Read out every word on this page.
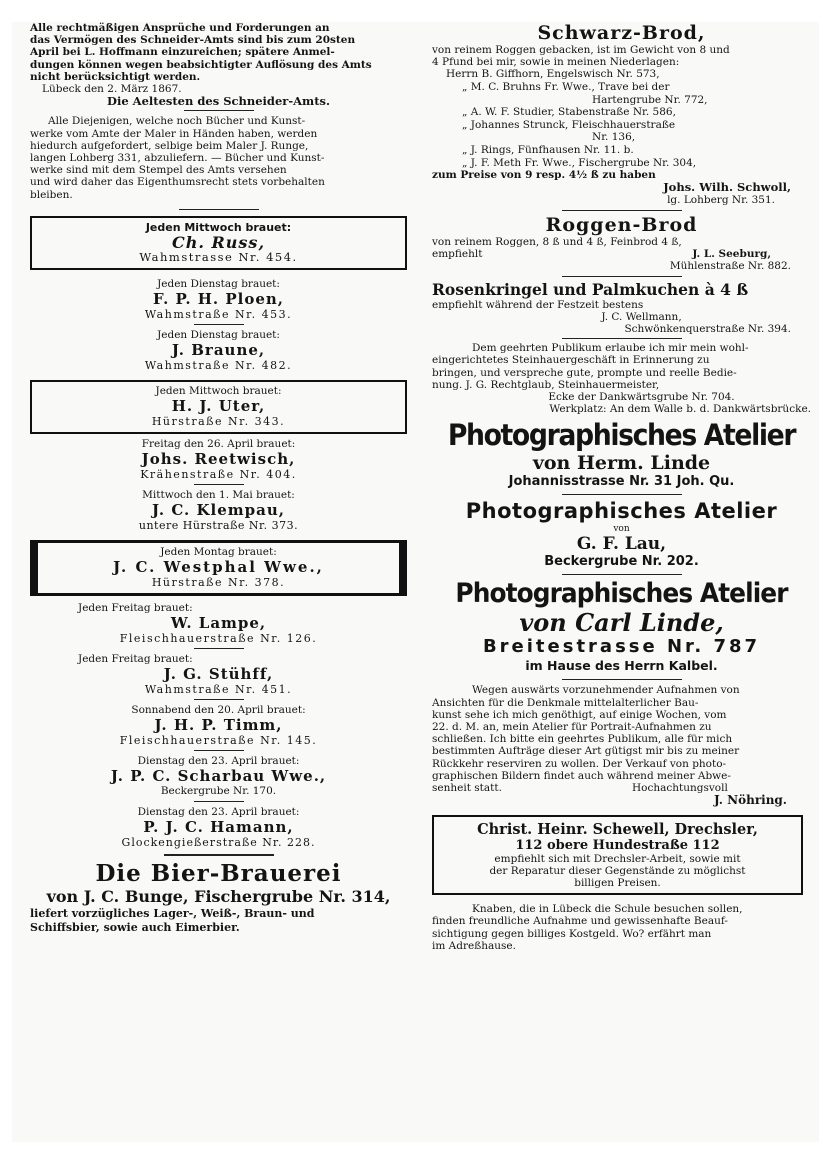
Alle rechtmäßigen Ansprüche und Forderungen an
das Vermögen des Schneider-Amts sind bis zum 20sten
April bei L. Hoffmann einzureichen; spätere Anmel-
dungen können wegen beabsichtigter Auflösung des Amts
nicht berücksichtigt werden.
Lübeck den 2. März 1867.
Die Aeltesten des Schneider-Amts.
Alle Diejenigen, welche noch Bücher und Kunst-
werke vom Amte der Maler in Händen haben, werden
hiedurch aufgefordert, selbige beim Maler J. Runge,
langen Lohberg 331, abzuliefern. — Bücher und Kunst-
werke sind mit dem Stempel des Amts versehen
und wird daher das Eigenthumsrecht stets vorbehalten
bleiben.
Jeden Mittwoch brauet:
Ch. Russ,
Wahmstrasse Nr. 454.
Jeden Dienstag brauet:
F. P. H. Ploen,
Wahmstraße Nr. 453.
Jeden Dienstag brauet:
J. Braune,
Wahmstraße Nr. 482.
Jeden Mittwoch brauet:
H. J. Uter,
Hürstraße Nr. 343.
Freitag den 26. April brauet:
Johs. Reetwisch,
Krähenstraße Nr. 404.
Mittwoch den 1. Mai brauet:
J. C. Klempau,
untere Hürstraße Nr. 373.
Jeden Montag brauet:
J. C. Westphal Wwe.,
Hürstraße Nr. 378.
Jeden Freitag brauet:
W. Lampe,
Fleischhauerstraße Nr. 126.
Jeden Freitag brauet:
J. G. Stühff,
Wahmstraße Nr. 451.
Sonnabend den 20. April brauet:
J. H. P. Timm,
Fleischhauerstraße Nr. 145.
Dienstag den 23. April brauet:
J. P. C. Scharbau Wwe.,
Beckergrube Nr. 170.
Dienstag den 23. April brauet:
P. J. C. Hamann,
Glockengießerstraße Nr. 228.
Die Bier-Brauerei
von J. C. Bunge, Fischergrube Nr. 314,
liefert vorzügliches Lager-, Weiß-, Braun- und
Schiffsbier, sowie auch Eimerbier.
Schwarz-Brod,
von reinem Roggen gebacken, ist im Gewicht von 8 und
4 Pfund bei mir, sowie in meinen Niederlagen:
Herrn B. Giffhorn, Engelswisch Nr. 573,
„ M. C. Bruhns Fr. Wwe., Trave bei der
Hartengrube Nr. 772,
„ A. W. F. Studier, Stabenstraße Nr. 586,
„ Johannes Strunck, Fleischhauerstraße
Nr. 136,
„ J. Rings, Fünfhausen Nr. 11. b.
„ J. F. Meth Fr. Wwe., Fischergrube Nr. 304,
zum Preise von 9 resp. 4½ ß zu haben
Johs. Wilh. Schwoll,
lg. Lohberg Nr. 351.
Roggen-Brod
von reinem Roggen, 8 ß und 4 ß, Feinbrod 4 ß,
empfiehlt	J. L. Seeburg,
Mühlenstraße Nr. 882.
Rosenkringel und Palmkuchen à 4 ß
empfiehlt während der Festzeit bestens
J. C. Wellmann,
Schwönkenquerstraße Nr. 394.
Dem geehrten Publikum erlaube ich mir mein wohl-
eingerichtetes Steinhauergeschäft in Erinnerung zu
bringen, und verspreche gute, prompte und reelle Bedie-
nung. J. G. Rechtglaub, Steinhauermeister,
Ecke der Dankwärtsgrube Nr. 704.
Werkplatz: An dem Walle b. d. Dankwärtsbrücke.
Photographisches Atelier
von Herm. Linde
Johannisstrasse Nr. 31 Joh. Qu.
Photographisches Atelier
von
G. F. Lau,
Beckergrube Nr. 202.
Photographisches Atelier
von Carl Linde,
Breitestrasse Nr. 787
im Hause des Herrn Kalbel.
Wegen auswärts vorzunehmender Aufnahmen von
Ansichten für die Denkmale mittelalterlicher Bau-
kunst sehe ich mich genöthigt, auf einige Wochen, vom
22. d. M. an, mein Atelier für Portrait-Aufnahmen zu
schließen. Ich bitte ein geehrtes Publikum, alle für mich
bestimmten Aufträge dieser Art gütigst mir bis zu meiner
Rückkehr reserviren zu wollen. Der Verkauf von photo-
graphischen Bildern findet auch während meiner Abwe-
senheit statt.	Hochachtungsvoll
J. Nöhring.
Christ. Heinr. Schewell, Drechsler,
112 obere Hundestraße 112
empfiehlt sich mit Drechsler-Arbeit, sowie mit
der Reparatur dieser Gegenstände zu möglichst
billigen Preisen.
Knaben, die in Lübeck die Schule besuchen sollen,
finden freundliche Aufnahme und gewissenhafte Beauf-
sichtigung gegen billiges Kostgeld. Wo? erfährt man
im Adreßhause.
